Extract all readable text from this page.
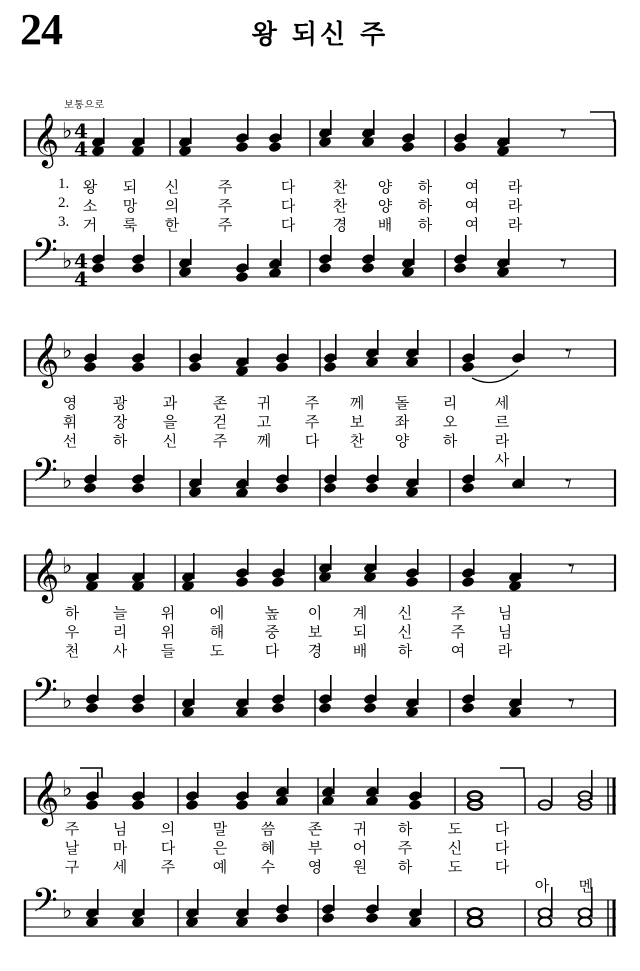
24	왕 되신 주
보통으로
𝄞
𝄢
♭
♭
4
4
4
4
𝄾
𝄾
𝄞
𝄢
♭
♭
𝄾
𝄾
𝄞
𝄢
♭
♭
𝄾
𝄾
𝄞
𝄢
♭
♭
1. 왕 되 신	주	다	찬 양 하 여 라
2. 소 망 의	주	다	찬 양 하 여 라
3. 거 룩 한	주	다	경 배 하 여 라
영 광 과 존 귀 주 께 돌 리	세
휘 장 을 걷 고 주 보 좌 오	르
선 하 신 주 께 다 찬 양 하	라
사
하 늘 위 에	높 이 계 신	주 님
우 리 위 해	중 보 되 신	주 님
천 사 들 도	다 경 배 하	여 라
주 님 의	말 씀 존 귀 하 도 다
날 마 다	은 혜 부 어 주 신 다
구 세 주	예 수 영 원 하 도 다
아 멘
